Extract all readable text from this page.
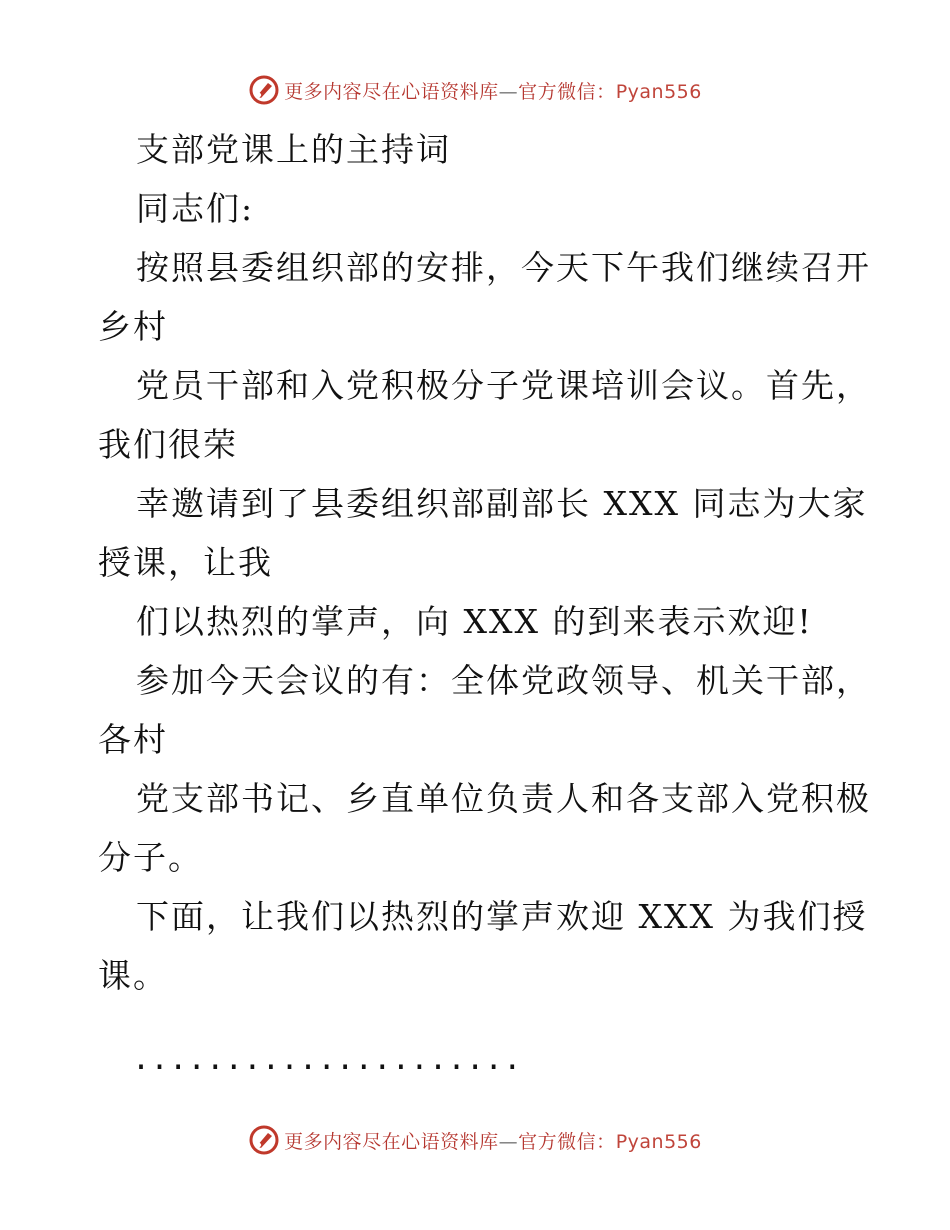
更多内容尽在心语资料库—官方微信：Pyan556
支部党课上的主持词
同志们:
按照县委组织部的安排，今天下午我们继续召开
乡村
党员干部和入党积极分子党课培训会议。首先，
我们很荣
幸邀请到了县委组织部副部长 XXX 同志为大家
授课，让我
们以热烈的掌声，向 XXX 的到来表示欢迎!
参加今天会议的有：全体党政领导、机关干部，
各村
党支部书记、乡直单位负责人和各支部入党积极
分子。
下面，让我们以热烈的掌声欢迎 XXX 为我们授
课。
.....................
更多内容尽在心语资料库—官方微信：Pyan556
